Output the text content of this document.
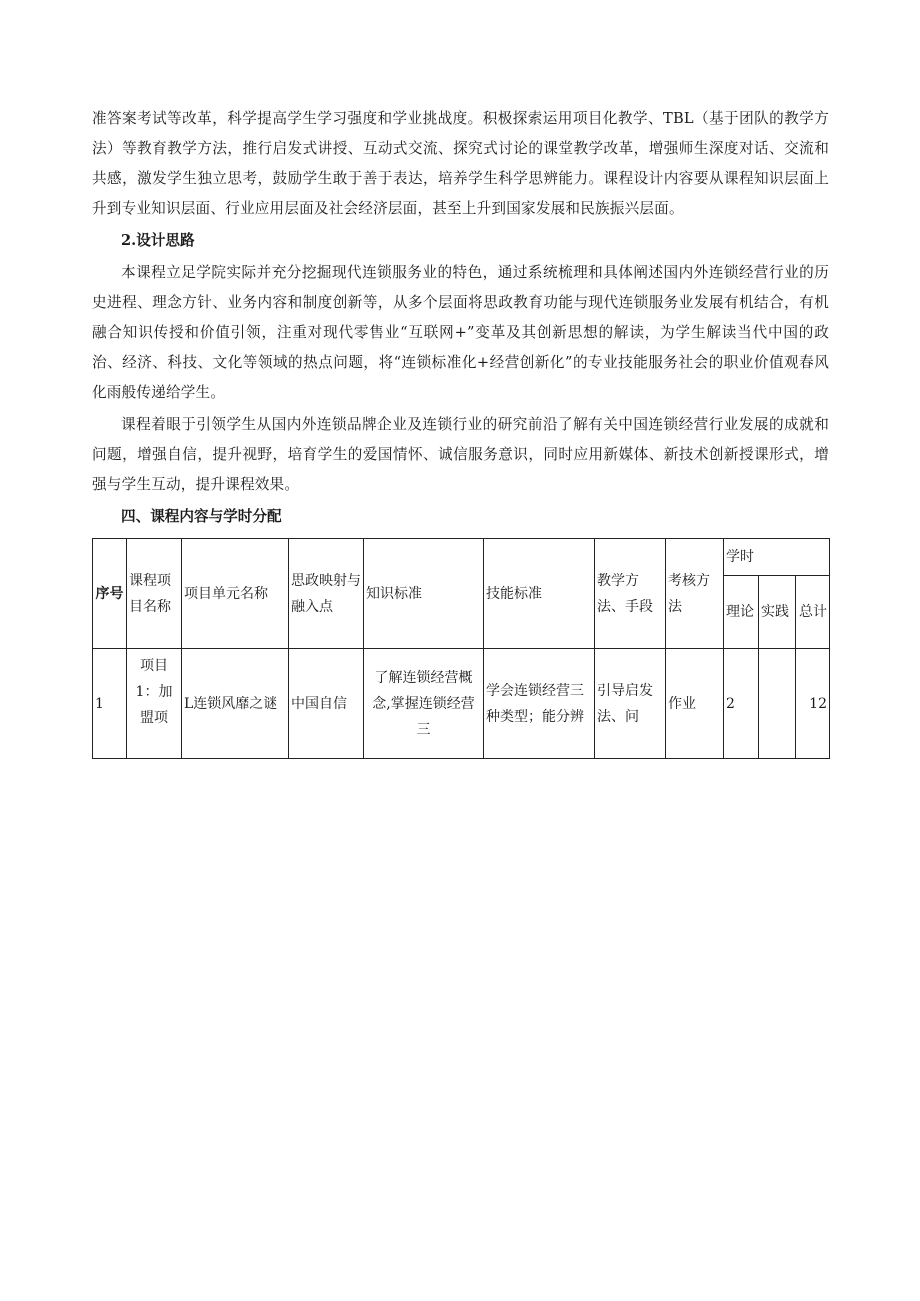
准答案考试等改革，科学提高学生学习强度和学业挑战度。积极探索运用项目化教学、TBL（基于团队的教学方法）等教育教学方法，推行启发式讲授、互动式交流、探究式讨论的课堂教学改革，增强师生深度对话、交流和共感，激发学生独立思考，鼓励学生敢于善于表达，培养学生科学思辨能力。课程设计内容要从课程知识层面上升到专业知识层面、行业应用层面及社会经济层面，甚至上升到国家发展和民族振兴层面。

2.设计思路

本课程立足学院实际并充分挖掘现代连锁服务业的特色，通过系统梳理和具体阐述国内外连锁经营行业的历史进程、理念方针、业务内容和制度创新等，从多个层面将思政教育功能与现代连锁服务业发展有机结合，有机融合知识传授和价值引领，注重对现代零售业“互联网+”变革及其创新思想的解读，为学生解读当代中国的政治、经济、科技、文化等领域的热点问题，将“连锁标准化+经营创新化”的专业技能服务社会的职业价值观春风化雨般传递给学生。

课程着眼于引领学生从国内外连锁品牌企业及连锁行业的研究前沿了解有关中国连锁经营行业发展的成就和问题，增强自信，提升视野，培育学生的爱国情怀、诚信服务意识，同时应用新媒体、新技术创新授课形式，增强与学生互动，提升课程效果。

四、课程内容与学时分配

序号	课程项目名称	项目单元名称	思政映射与融入点	知识标准	技能标准	教学方法、手段	考核方法	学时		
								理论	实践	总计
1	项目1：加盟项	L连锁风靡之谜	中国自信	了解连锁经营概念,掌握连锁经营三	学会连锁经营三种类型；能分辨	引导启发法、问	作业	2		12
